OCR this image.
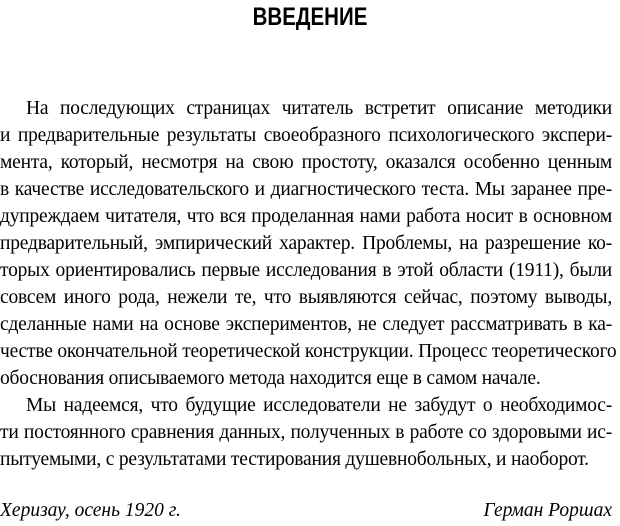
ВВЕДЕНИЕ
На последующих страницах читатель встретит описание методики
и предварительные результаты своеобразного психологического экспери-
мента, который, несмотря на свою простоту, оказался особенно ценным
в качестве исследовательского и диагностического теста. Мы заранее пре-
дупреждаем читателя, что вся проделанная нами работа носит в основном
предварительный, эмпирический характер. Проблемы, на разрешение ко-
торых ориентировались первые исследования в этой области (1911), были
совсем иного рода, нежели те, что выявляются сейчас, поэтому выводы,
сделанные нами на основе экспериментов, не следует рассматривать в ка-
честве окончательной теоретической конструкции. Процесс теоретического
обоснования описываемого метода находится еще в самом начале.
Мы надеемся, что будущие исследователи не забудут о необходимос-
ти постоянного сравнения данных, полученных в работе со здоровыми ис-
пытуемыми, с результатами тестирования душевнобольных, и наоборот.
Херизау, осень 1920 г.	Герман Роршах
